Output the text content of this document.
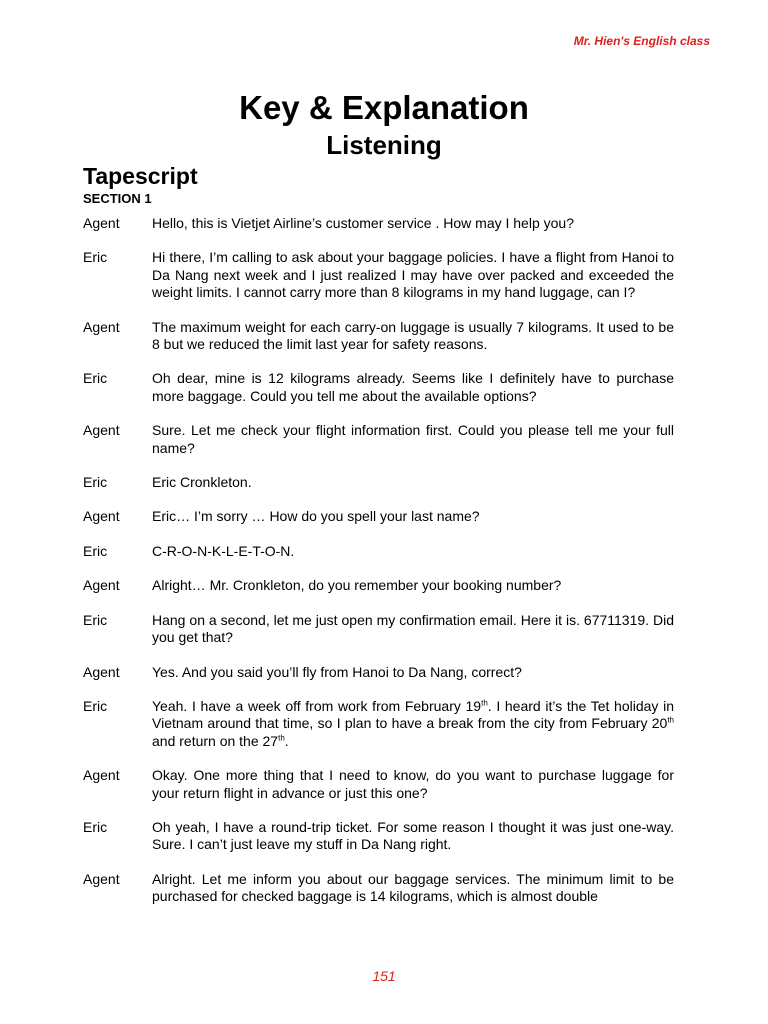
Mr. Hien's English class
Key & Explanation
Listening
Tapescript
SECTION 1
Agent	Hello, this is Vietjet Airline’s customer service . How may I help you?
Eric	Hi there, I’m calling to ask about your baggage policies. I have a flight from Hanoi to Da Nang next week and I just realized I may have over packed and exceeded the weight limits. I cannot carry more than 8 kilograms in my hand luggage, can I?
Agent	The maximum weight for each carry-on luggage is usually 7 kilograms. It used to be 8 but we reduced the limit last year for safety reasons.
Eric	Oh dear, mine is 12 kilograms already. Seems like I definitely have to purchase more baggage. Could you tell me about the available options?
Agent	Sure. Let me check your flight information first. Could you please tell me your full name?
Eric	Eric Cronkleton.
Agent	Eric… I’m sorry … How do you spell your last name?
Eric	C-R-O-N-K-L-E-T-O-N.
Agent	Alright… Mr. Cronkleton, do you remember your booking number?
Eric	Hang on a second, let me just open my confirmation email. Here it is. 67711319. Did you get that?
Agent	Yes. And you said you’ll fly from Hanoi to Da Nang, correct?
Eric	Yeah. I have a week off from work from February 19th. I heard it’s the Tet holiday in Vietnam around that time, so I plan to have a break from the city from February 20th and return on the 27th.
Agent	Okay. One more thing that I need to know, do you want to purchase luggage for your return flight in advance or just this one?
Eric	Oh yeah, I have a round-trip ticket. For some reason I thought it was just one-way. Sure. I can’t just leave my stuff in Da Nang right.
Agent	Alright. Let me inform you about our baggage services. The minimum limit to be purchased for checked baggage is 14 kilograms, which is almost double
151
